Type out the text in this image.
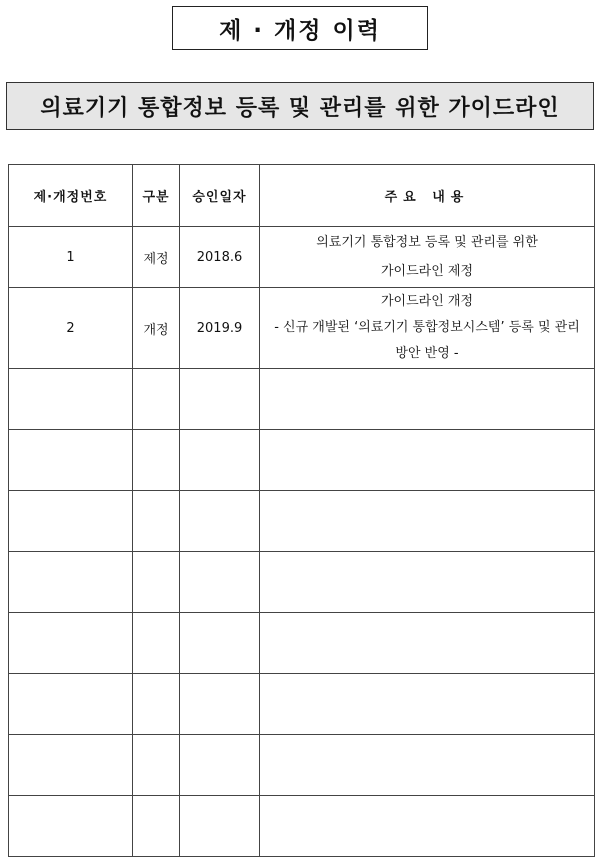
제 · 개정 이력
의료기기 통합정보 등록 및 관리를 위한 가이드라인
제·개정번호	구분	승인일자	주요 내용
1	제정	2018.6	의료기기 통합정보 등록 및 관리를 위한
가이드라인 제정

2	개정	2019.9	가이드라인 개정
- 신규 개발된 ‘의료기기 통합정보시스템’ 등록 및 관리
방안 반영 -
